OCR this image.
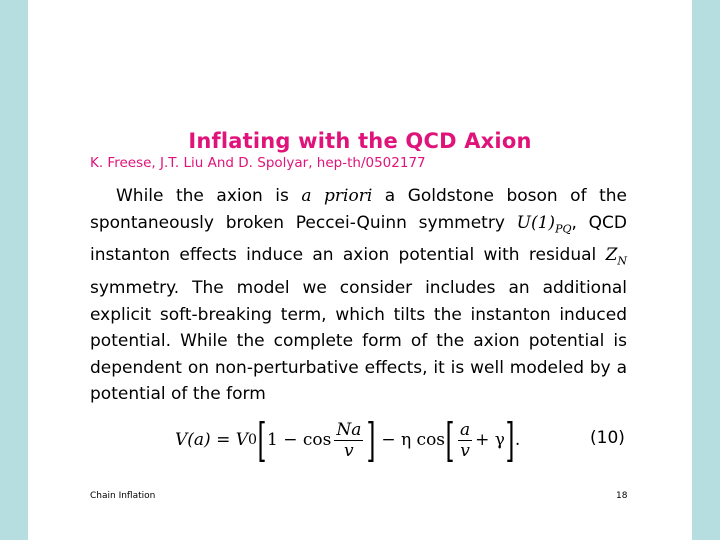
Inflating with the QCD Axion
K. Freese, J.T. Liu And D. Spolyar, hep-th/0502177

While the axion is a priori a Goldstone boson of the spontaneously broken Peccei-Quinn symmetry $U(1)_{PQ}$, QCD instanton effects induce an axion potential with residual $Z_N$ symmetry. The model we consider includes an additional explicit soft-breaking term, which tilts the instanton induced potential. While the complete form of the axion potential is dependent on non-perturbative effects, it is well modeled by a potential of the form

V(a) = V 0 [ $1 - \cos \frac{Na}{v}$ ] − η cos [ $\frac{a}{v} + \gamma$ ] .	(10)
Chain Inflation	18
